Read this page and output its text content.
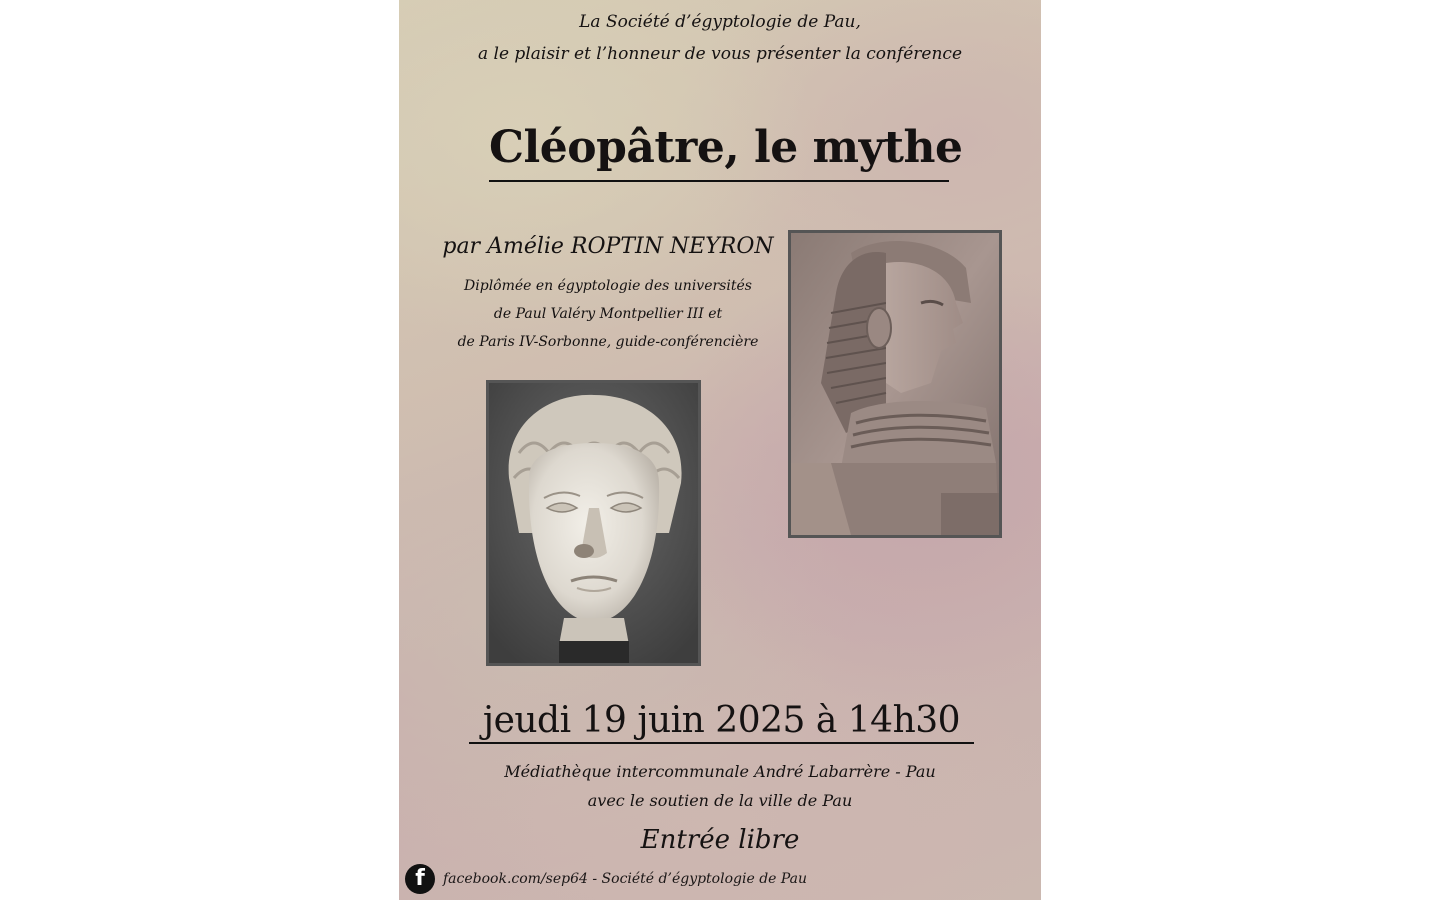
La Société d’égyptologie de Pau,
a le plaisir et l’honneur de vous présenter la conférence
Cléopâtre, le mythe
par Amélie ROPTIN NEYRON
Diplômée en égyptologie des universités
de Paul Valéry Montpellier III et
de Paris IV-Sorbonne, guide-conférencière
jeudi 19 juin 2025 à 14h30
Médiathèque intercommunale André Labarrère - Pau
avec le soutien de la ville de Pau
Entrée libre
f	facebook.com/sep64 - Société d’égyptologie de Pau
